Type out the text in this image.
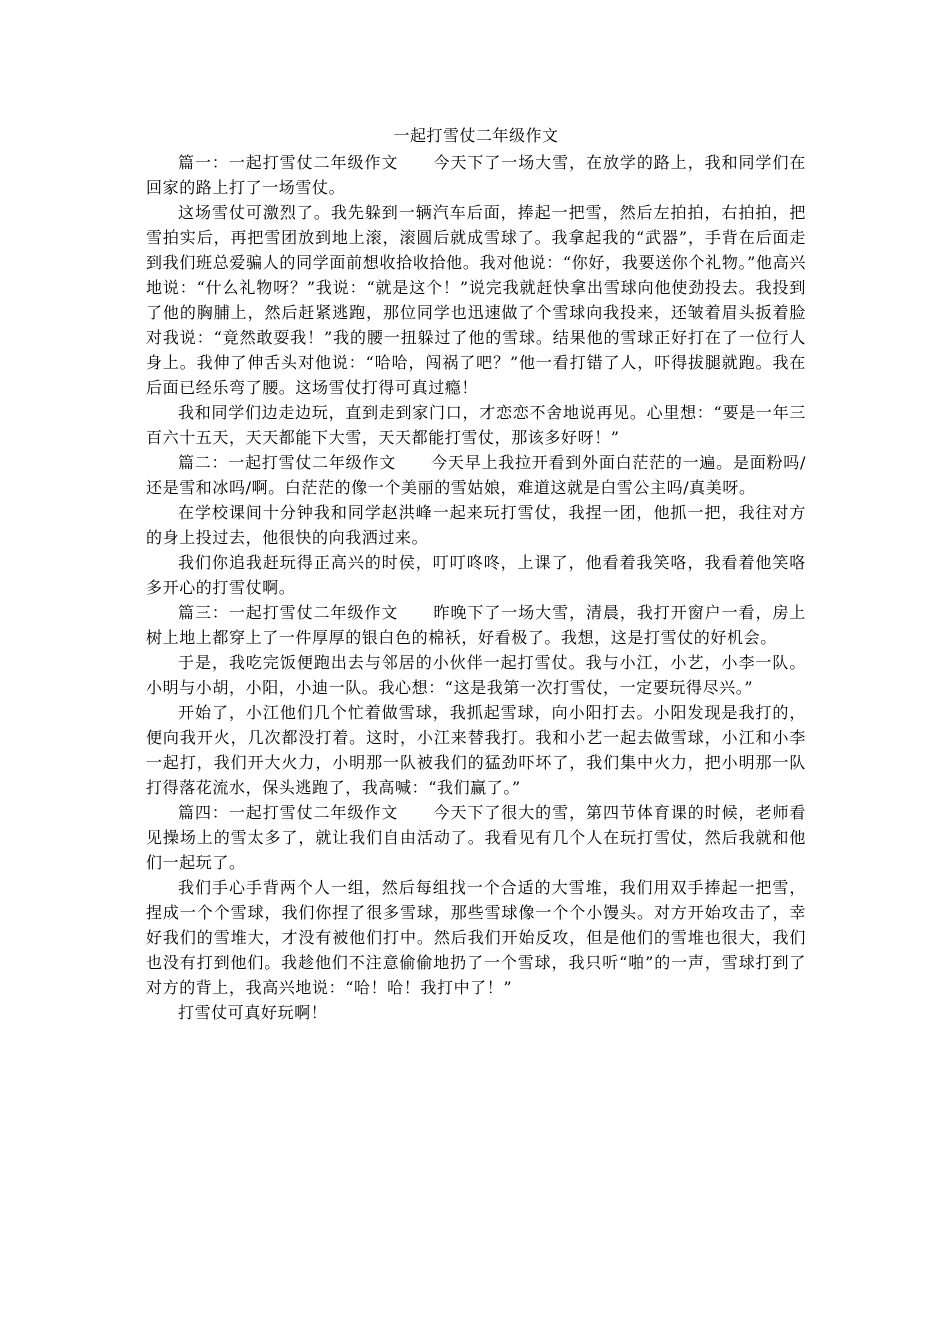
一起打雪仗二年级作文

篇一：一起打雪仗二年级作文 今天下了一场大雪，在放学的路上，我和同学们在回家的路上打了一场雪仗。

这场雪仗可激烈了。我先躲到一辆汽车后面，捧起一把雪，然后左拍拍，右拍拍，把雪拍实后，再把雪团放到地上滚，滚圆后就成雪球了。我拿起我的“武器”，手背在后面走到我们班总爱骗人的同学面前想收拾收拾他。我对他说：“你好，我要送你个礼物。”他高兴地说：“什么礼物呀？”我说：“就是这个！”说完我就赶快拿出雪球向他使劲投去。我投到了他的胸脯上，然后赶紧逃跑，那位同学也迅速做了个雪球向我投来，还皱着眉头扳着脸对我说：“竟然敢耍我！”我的腰一扭躲过了他的雪球。结果他的雪球正好打在了一位行人身上。我伸了伸舌头对他说：“哈哈，闯祸了吧？”他一看打错了人，吓得拔腿就跑。我在后面已经乐弯了腰。这场雪仗打得可真过瘾！

我和同学们边走边玩，直到走到家门口，才恋恋不舍地说再见。心里想：“要是一年三百六十五天，天天都能下大雪，天天都能打雪仗，那该多好呀！”

篇二：一起打雪仗二年级作文 今天早上我拉开看到外面白茫茫的一遍。是面粉吗/还是雪和冰吗/啊。白茫茫的像一个美丽的雪姑娘，难道这就是白雪公主吗/真美呀。

在学校课间十分钟我和同学赵洪峰一起来玩打雪仗，我捏一团，他抓一把，我往对方的身上投过去，他很快的向我洒过来。

我们你追我赶玩得正高兴的时侯，叮叮咚咚，上课了，他看着我笑咯，我看着他笑咯多开心的打雪仗啊。

篇三：一起打雪仗二年级作文 昨晚下了一场大雪，清晨，我打开窗户一看，房上树上地上都穿上了一件厚厚的银白色的棉袄，好看极了。我想，这是打雪仗的好机会。

于是，我吃完饭便跑出去与邻居的小伙伴一起打雪仗。我与小江，小艺，小李一队。小明与小胡，小阳，小迪一队。我心想：“这是我第一次打雪仗，一定要玩得尽兴。”

开始了，小江他们几个忙着做雪球，我抓起雪球，向小阳打去。小阳发现是我打的，便向我开火，几次都没打着。这时，小江来替我打。我和小艺一起去做雪球，小江和小李一起打，我们开大火力，小明那一队被我们的猛劲吓坏了，我们集中火力，把小明那一队打得落花流水，保头逃跑了，我高喊：“我们赢了。”

篇四：一起打雪仗二年级作文 今天下了很大的雪，第四节体育课的时候，老师看见操场上的雪太多了，就让我们自由活动了。我看见有几个人在玩打雪仗，然后我就和他们一起玩了。

我们手心手背两个人一组，然后每组找一个合适的大雪堆，我们用双手捧起一把雪，捏成一个个雪球，我们你捏了很多雪球，那些雪球像一个个小馒头。对方开始攻击了，幸好我们的雪堆大，才没有被他们打中。然后我们开始反攻，但是他们的雪堆也很大，我们也没有打到他们。我趁他们不注意偷偷地扔了一个雪球，我只听“啪”的一声，雪球打到了对方的背上，我高兴地说：“哈！哈！我打中了！”

打雪仗可真好玩啊！
